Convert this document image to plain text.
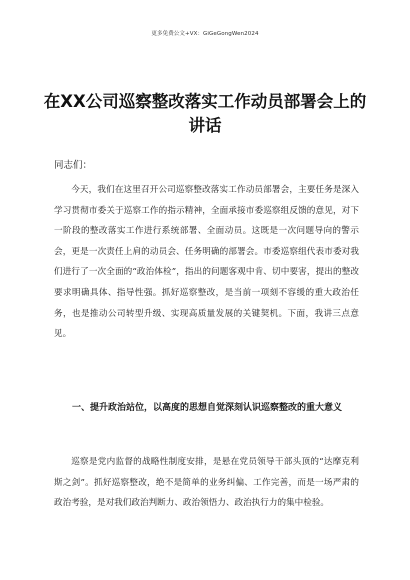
更多免费公文+VX：GiGeGongWen2024
在XX公司巡察整改落实工作动员部署会上的讲话
同志们：

今天，我们在这里召开公司巡察整改落实工作动员部署会，主要任务是深入学习贯彻市委关于巡察工作的指示精神，全面承接市委巡察组反馈的意见，对下一阶段的整改落实工作进行系统部署、全面动员。这既是一次问题导向的警示会，更是一次责任上肩的动员会、任务明确的部署会。市委巡察组代表市委对我们进行了一次全面的“政治体检”，指出的问题客观中肯、切中要害，提出的整改要求明确具体、指导性强。抓好巡察整改，是当前一项刻不容缓的重大政治任务，也是推动公司转型升级、实现高质量发展的关键契机。下面，我讲三点意见。

一、提升政治站位，以高度的思想自觉深刻认识巡察整改的重大意义

巡察是党内监督的战略性制度安排，是悬在党员领导干部头顶的“达摩克利斯之剑”。抓好巡察整改，绝不是简单的业务纠偏、工作完善，而是一场严肃的政治考验，是对我们政治判断力、政治领悟力、政治执行力的集中检验。
